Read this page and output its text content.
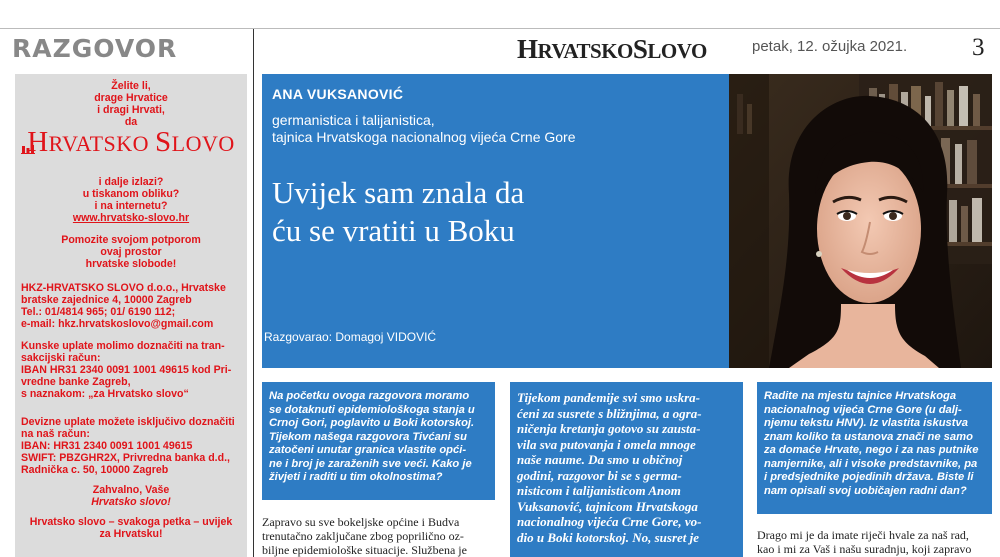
RAZGOVOR	HRVATSKOSLOVO	petak, 12. ožujka 2021.	3
Želite li,
drage Hrvatice
i dragi Hrvati,
da
HRVATSKO SLOVO
i dalje izlazi?
u tiskanom obliku?
i na internetu?
www.hrvatsko-slovo.hr
Pomozite svojom potporom
ovaj prostor
hrvatske slobode!
HKZ-HRVATSKO SLOVO d.o.o., Hrvatske
bratske zajednice 4, 10000 Zagreb
Tel.: 01/4814 965; 01/ 6190 112;
e-mail: hkz.hrvatskoslovo@gmail.com
Kunske uplate molimo doznačiti na tran-
sakcijski račun:
IBAN HR31 2340 0091 1001 49615 kod Pri-
vredne banke Zagreb,
s naznakom: „za Hrvatsko slovo“
Devizne uplate možete isključivo doznačiti
na naš račun:
IBAN: HR31 2340 0091 1001 49615
SWIFT: PBZGHR2X, Privredna banka d.d.,
Radnička c. 50, 10000 Zagreb
Zahvalno, Vaše
Hrvatsko slovo!
Hrvatsko slovo – svakoga petka – uvijek
za Hrvatsku!
ANA VUKSANOVIĆ
germanistica i talijanistica,
tajnica Hrvatskoga nacionalnog vijeća Crne Gore
Uvijek sam znala da
ću se vratiti u Boku
Razgovarao: Domagoj VIDOVIĆ
Na početku ovoga razgovora moramo
se dotaknuti epidemiološkoga stanja u
Crnoj Gori, poglavito u Boki kotorskoj.
Tijekom našega razgovora Tivćani su
zatočeni unutar granica vlastite opći-
ne i broj je zaraženih sve veći. Kako je
živjeti i raditi u tim okolnostima?
Zapravo su sve bokeljske općine i Budva
trenutačno zaključane zbog poprilično oz-
biljne epidemiološke situacije. Službena je
Tijekom pandemije svi smo uskra-
ćeni za susrete s bližnjima, a ogra-
ničenja kretanja gotovo su zausta-
vila sva putovanja i omela mnoge
naše naume. Da smo u običnoj
godini, razgovor bi se s germa-
nisticom i talijanisticom Anom
Vuksanović, tajnicom Hrvatskoga
nacionalnog vijeća Crne Gore, vo-
dio u Boki kotorskoj. No, susret je
Radite na mjestu tajnice Hrvatskoga
nacionalnog vijeća Crne Gore (u dalj-
njemu tekstu HNV). Iz vlastita iskustva
znam koliko ta ustanova znači ne samo
za domaće Hrvate, nego i za nas putnike
namjernike, ali i visoke predstavnike, pa
i predsjednike pojedinih država. Biste li
nam opisali svoj uobičajen radni dan?
Drago mi je da imate riječi hvale za naš rad,
kao i mi za Vaš i našu suradnju, koji zapravo
